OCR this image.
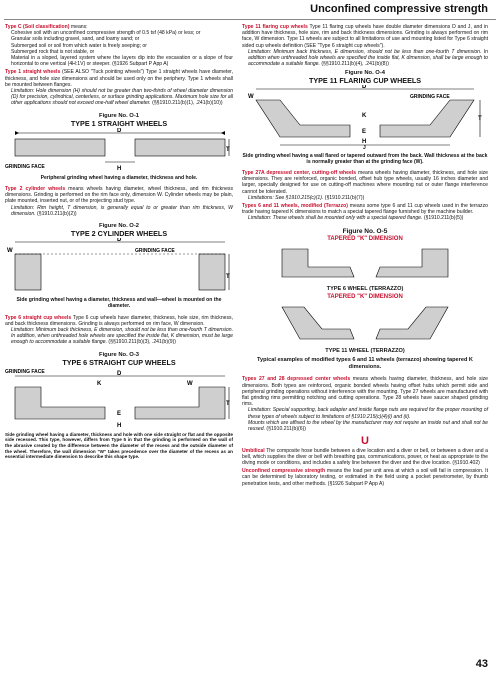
Unconfined compressive strength
Type C (Soil classification) means:
Cohesive soil with an unconfined compressive strength of 0.5 tsf (48 kPa) or less; or
Granular soils including gravel, sand, and loamy sand; or
Submerged soil or soil from which water is freely seeping; or
Submerged rock that is not stable, or
Material in a sloped, layered system where the layers dip into the excavation or a slope of four horizontal to one vertical (4H:1V) or steeper. (§1926 Subpart P App A)
Type 1 straight wheels (SEE ALSO "Tuck pointing wheels") Type 1 straight wheels have diameter, thickness, and hole size dimensions and should be used only on the periphery. Type 1 wheels shall be mounted between flanges.
Limitation: Hole dimension (H) should not be greater than two-thirds of wheel diameter dimension (D) for precision, cylindrical, centerless, or surface grinding applications. Maximum hole size for all other applications should not exceed one-half wheel diameter. (§§1910.211(b)(1), .241(b)(10))
Figure No. O-1
TYPE 1 STRAIGHT WHEELS
D
T
H
GRINDING FACE
Peripheral grinding wheel having a diameter, thickness and hole.
Type 2 cylinder wheels means wheels having diameter, wheel thickness, and rim thickness dimensions. Grinding is performed on the rim face only, dimension W. Cylinder wheels may be plain, plate mounted, inserted nut, or of the projecting stud type.
Limitation: Rim height, T dimension, is generally equal to or greater than rim thickness, W dimension. (§1910.211(b)(2))
Figure No. O-2
TYPE 2 CYLINDER WHEELS
D
W	GRINDING FACE
T
Side grinding wheel having a diameter, thickness and wall—wheel is mounted on the diameter.
Type 6 straight cup wheels Type 6 cup wheels have diameter, thickness, hole size, rim thickness, and back thickness dimensions. Grinding is always performed on rim face, W dimension.
Limitation: Minimum back thickness, E dimension, should not be less than one-fourth T dimension. In addition, when unthreaded hole wheels are specified the inside flat, K dimension, must be large enough to accommodate a suitable flange. (§§1910.211(b)(3), .241(b)(9))
Figure No. O-3
TYPE 6 STRAIGHT CUP WHEELS
GRINDING FACE	D
K	W
T
E
H
Side grinding wheel having a diameter, thickness and hole with one side straight or flat and the opposite side recessed. This type, however, differs from Type 5 in that the grinding is performed on the wall of the abrasive created by the difference between the diameter of the recess and the outside diameter of the wheel. Therefore, the wall dimension "W" takes precedence over the diameter of the recess as an essential intermediate dimension to describe this shape type.
Type 11 flaring cup wheels Type 11 flaring cup wheels have double diameter dimensions D and J, and in addition have thickness, hole size, rim and back thickness dimensions. Grinding is always performed on rim face, W dimension. Type 11 wheels are subject to all limitations of use and mounting listed for Type 6 straight sided cup wheels definition (SEE "Type 6 straight cup wheels").
Limitation: Minimum back thickness, E dimension, should not be less than one-fourth T dimension. In addition when unthreaded hole wheels are specified the inside flat, K dimension, shall be large enough to accommodate a suitable flange. (§§1910.211(b)(4), .241(b)(8))
Figure No. O-4
TYPE 11 FLARING CUP WHEELS
D
W	GRINDING FACE
K	T
E
H
J
Side grinding wheel having a wall flared or tapered outward from the back. Wall thickness at the back is normally greater than at the grinding face (W).
Type 27A depressed center, cutting-off wheels means wheels having diameter, thickness, and hole size dimensions. They are reinforced, organic bonded, offset hub type wheels, usually 16 inches diameter and larger, specially designed for use on cutting-off machines where mounting nut or outer flange interference cannot be tolerated.
Limitations: See §1910.215(c)(1). (§1910.211(b)(7))
Types 6 and 11 wheels, modified (Terrazzo) means some type 6 and 11 cup wheels used in the terrazzo trade having tapered K dimensions to match a special tapered flange furnished by the machine builder.
Limitation: These wheels shall be mounted only with a special tapered flange. (§1910.211(b)(5))
Figure No. O-5
TAPERED "K" DIMENSION
TYPE 6 WHEEL (TERRAZZO)
TAPERED "K" DIMENSION
TYPE 11 WHEEL (TERRAZZO)
Typical examples of modified types 6 and 11 wheels (terrazzo) showing tapered K dimensions.
Types 27 and 28 depressed center wheels means wheels having diameter, thickness, and hole size dimensions. Both types are reinforced, organic bonded wheels having offset hubs which permit side and peripheral grinding operations without interference with the mounting. Type 27 wheels are manufactured with flat grinding rims permitting notching and cutting operations. Type 28 wheels have saucer shaped grinding rims.
Limitation: Special supporting, back adapter and inside flange nuts are required for the proper mounting of these types of wheels subject to limitations of §1910.215(c)(4)(i) and (ii).
Mounts which are affixed to the wheel by the manufacturer may not require an inside nut and shall not be reused. (§1910.211(b)(6))
U
Umbilical The composite hose bundle between a dive location and a diver or bell, or between a diver and a bell, which supplies the diver or bell with breathing gas, communications, power, or heat as appropriate to the diving mode or conditions, and includes a safety line between the diver and the dive location. (§1910.402)
Unconfined compressive strength means the load per unit area at which a soil will fail in compression. It can be determined by laboratory testing, or estimated in the field using a pocket penetrometer, by thumb penetration tests, and other methods. (§1926 Subpart P App A)
43
